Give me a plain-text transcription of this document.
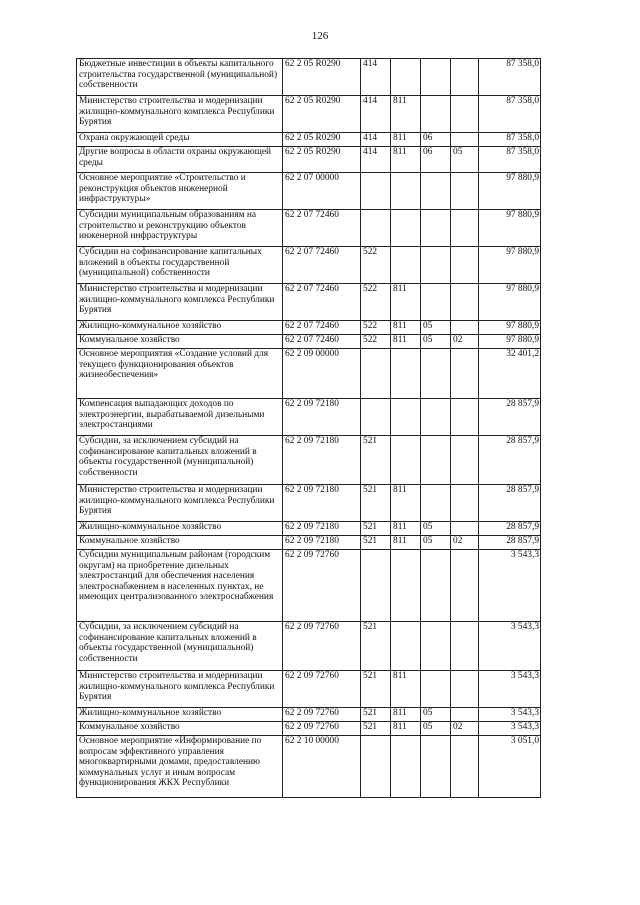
126
Бюджетные инвестиции в объекты капитального строительства государственной (муниципальной) собственности	62 2 05 R0290	414				87 358,0
Министерство строительства и модернизации жилищно-коммунального комплекса Республики Бурятия	62 2 05 R0290	414	811			87 358,0
Охрана окружающей среды	62 2 05 R0290	414	811	06		87 358,0
Другие вопросы в области охраны окружающей среды	62 2 05 R0290	414	811	06	05	87 358,0
Основное мероприятие «Строительство и реконструкция объектов инженерной инфраструктуры»	62 2 07 00000					97 880,9
Субсидии муниципальным образованиям на строительство и реконструкцию объектов инженерной инфраструктуры	62 2 07 72460					97 880,9
Субсидии на софинансирование капитальных вложений в объекты государственной (муниципальной) собственности	62 2 07 72460	522				97 880,9
Министерство строительства и модернизации жилищно-коммунального комплекса Республики Бурятия	62 2 07 72460	522	811			97 880,9
Жилищно-коммунальное хозяйство	62 2 07 72460	522	811	05		97 880,9
Коммунальное хозяйство	62 2 07 72460	522	811	05	02	97 880,9
Основное мероприятия «Создание условий для текущего функционирования объектов жизнеобеспечения»	62 2 09 00000					32 401,2
Компенсация выпадающих доходов по электроэнергии, вырабатываемой дизельными электростанциями	62 2 09 72180					28 857,9
Субсидии, за исключением субсидий на софинансирование капитальных вложений в объекты государственной (муниципальной) собственности	62 2 09 72180	521				28 857,9
Министерство строительства и модернизации жилищно-коммунального комплекса Республики Бурятия	62 2 09 72180	521	811			28 857,9
Жилищно-коммунальное хозяйство	62 2 09 72180	521	811	05		28 857,9
Коммунальное хозяйство	62 2 09 72180	521	811	05	02	28 857,9
Субсидии муниципальным районам (городским округам) на приобретение дизельных электростанций для обеспечения населения электроснабжением в населенных пунктах, не имеющих централизованного электроснабжения	62 2 09 72760					3 543,3
Субсидии, за исключением субсидий на софинансирование капитальных вложений в объекты государственной (муниципальной) собственности	62 2 09 72760	521				3 543,3
Министерство строительства и модернизации жилищно-коммунального комплекса Республики Бурятия	62 2 09 72760	521	811			3 543,3
Жилищно-коммунальное хозяйство	62 2 09 72760	521	811	05		3 543,3
Коммунальное хозяйство	62 2 09 72760	521	811	05	02	3 543,3
Основное мероприятие «Информирование по вопросам эффективного управления многоквартирными домами, предоставлению коммунальных услуг и иным вопросам функционирования ЖКХ Республики	62 2 10 00000					3 051,0
